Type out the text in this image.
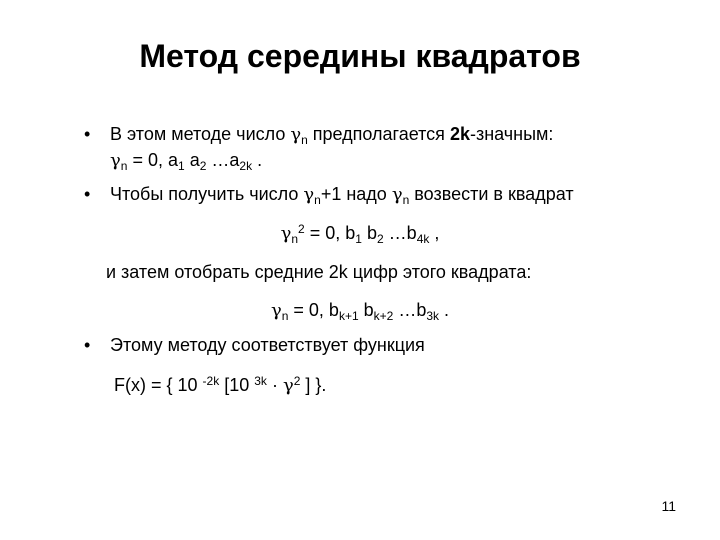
Метод середины квадратов
• В этом методе число $\gamma_n$ предполагается 2k-значным:
$\gamma_n = 0$, $a_1$ $a_2$ $\dots a_{2k}$ .
• Чтобы получить число $\gamma_n+1$ надо $\gamma_n$ возвести в квадрат
$\gamma_n^2 = 0$, $b_1$ $b_2$ $\dots b_{4k}$ ,
и затем отобрать средние 2k цифр этого квадрата:
$\gamma_n = 0$, $b_{k+1}$ $b_{k+2}$ $\dots b_{3k}$ .
• Этому методу соответствует функция
F(x) = { 10 $^{-2k}$ [10 $^{3k} \cdot \gamma^2$ ] }.
11
